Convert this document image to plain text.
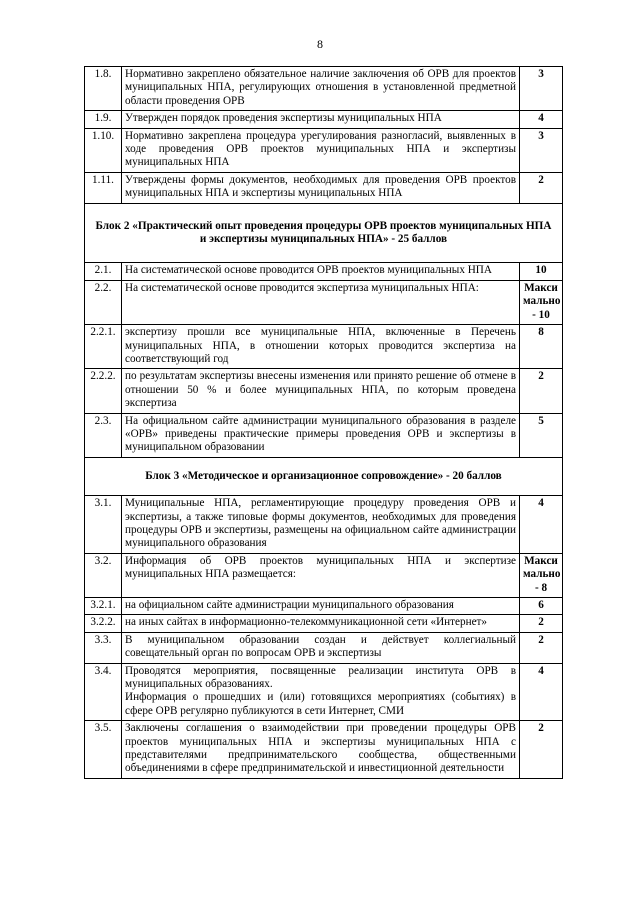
8
1.8.	Нормативно закреплено обязательное наличие заключения об ОРВ для проектов муниципальных НПА, регулирующих отношения в установленной предметной области проведения ОРВ	3
1.9.	Утвержден порядок проведения экспертизы муниципальных НПА	4
1.10.	Нормативно закреплена процедура урегулирования разногласий, выявленных в ходе проведения ОРВ проектов муниципальных НПА и экспертизы муниципальных НПА	3
1.11.	Утверждены формы документов, необходимых для проведения ОРВ проектов муниципальных НПА и экспертизы муниципальных НПА	2
Блок 2 «Практический опыт проведения процедуры ОРВ проектов муниципальных НПА и экспертизы муниципальных НПА» - 25 баллов		
2.1.	На систематической основе проводится ОРВ проектов муниципальных НПА	10
2.2.	На систематической основе проводится экспертиза муниципальных НПА:	Макси мально - 10
2.2.1.	экспертизу прошли все муниципальные НПА, включенные в Перечень муниципальных НПА, в отношении которых проводится экспертиза на соответствующий год	8
2.2.2.	по результатам экспертизы внесены изменения или принято решение об отмене в отношении 50 % и более муниципальных НПА, по которым проведена экспертиза	2
2.3.	На официальном сайте администрации муниципального образования в разделе «ОРВ» приведены практические примеры проведения ОРВ и экспертизы в муниципальном образовании	5
Блок 3 «Методическое и организационное сопровождение» - 20 баллов		
3.1.	Муниципальные НПА, регламентирующие процедуру проведения ОРВ и экспертизы, а также типовые формы документов, необходимых для проведения процедуры ОРВ и экспертизы, размещены на официальном сайте администрации муниципального образования	4
3.2.	Информация об ОРВ проектов муниципальных НПА и экспертизе муниципальных НПА размещается:	Макси мально - 8
3.2.1.	на официальном сайте администрации муниципального образования	6
3.2.2.	на иных сайтах в информационно-телекоммуникационной сети «Интернет»	2
3.3.	В муниципальном образовании создан и действует коллегиальный совещательный орган по вопросам ОРВ и экспертизы	2
3.4.	Проводятся мероприятия, посвященные реализации института ОРВ в муниципальных образованиях.
Информация о прошедших и (или) готовящихся мероприятиях (событиях) в сфере ОРВ регулярно публикуются в сети Интернет, СМИ	4
3.5.	Заключены соглашения о взаимодействии при проведении процедуры ОРВ проектов муниципальных НПА и экспертизы муниципальных НПА с представителями предпринимательского сообщества, общественными объединениями в сфере предпринимательской и инвестиционной деятельности	2
